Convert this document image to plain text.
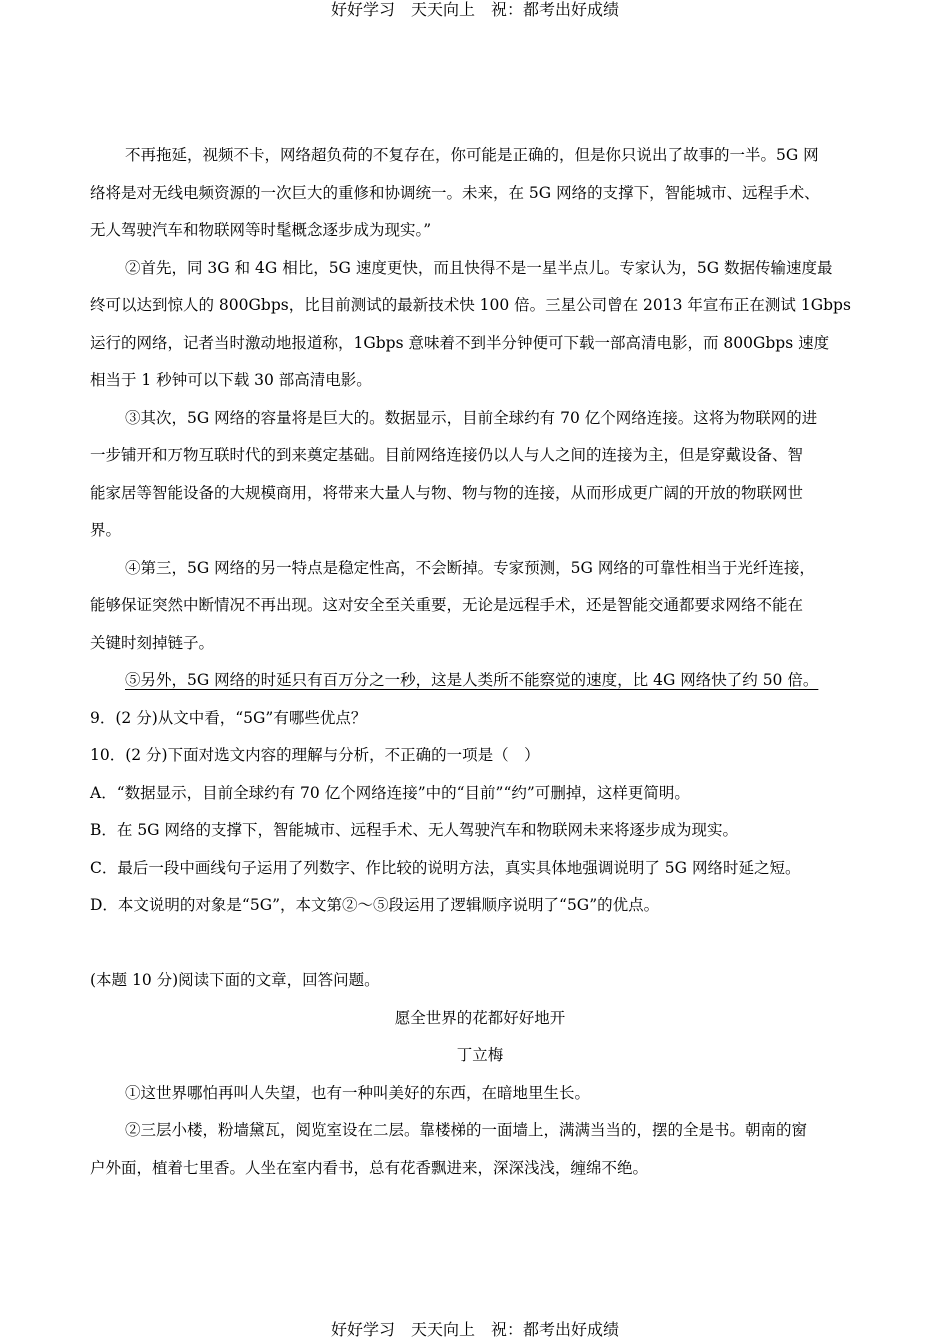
好好学习　天天向上　祝：都考出好成绩
不再拖延，视频不卡，网络超负荷的不复存在，你可能是正确的，但是你只说出了故事的一半。5G 网
络将是对无线电频资源的一次巨大的重修和协调统一。未来，在 5G 网络的支撑下，智能城市、远程手术、
无人驾驶汽车和物联网等时髦概念逐步成为现实。”
②首先，同 3G 和 4G 相比，5G 速度更快，而且快得不是一星半点儿。专家认为，5G 数据传输速度最
终可以达到惊人的 800Gbps，比目前测试的最新技术快 100 倍。三星公司曾在 2013 年宣布正在测试 1Gbps
运行的网络，记者当时激动地报道称，1Gbps 意味着不到半分钟便可下载一部高清电影，而 800Gbps 速度
相当于 1 秒钟可以下载 30 部高清电影。
③其次，5G 网络的容量将是巨大的。数据显示，目前全球约有 70 亿个网络连接。这将为物联网的进
一步铺开和万物互联时代的到来奠定基础。目前网络连接仍以人与人之间的连接为主，但是穿戴设备、智
能家居等智能设备的大规模商用，将带来大量人与物、物与物的连接，从而形成更广阔的开放的物联网世
界。
④第三，5G 网络的另一特点是稳定性高，不会断掉。专家预测，5G 网络的可靠性相当于光纤连接，
能够保证突然中断情况不再出现。这对安全至关重要，无论是远程手术，还是智能交通都要求网络不能在
关键时刻掉链子。
⑤另外，5G 网络的时延只有百万分之一秒，这是人类所不能察觉的速度，比 4G 网络快了约 50 倍。
9．(2 分)从文中看，“5G”有哪些优点？
10．(2 分)下面对选文内容的理解与分析，不正确的一项是（　）
A．“数据显示，目前全球约有 70 亿个网络连接”中的“目前”“约”可删掉，这样更简明。
B．在 5G 网络的支撑下，智能城市、远程手术、无人驾驶汽车和物联网未来将逐步成为现实。
C．最后一段中画线句子运用了列数字、作比较的说明方法，真实具体地强调说明了 5G 网络时延之短。
D．本文说明的对象是“5G”，本文第②～⑤段运用了逻辑顺序说明了“5G”的优点。
(本题 10 分)阅读下面的文章，回答问题。
愿全世界的花都好好地开
丁立梅
①这世界哪怕再叫人失望，也有一种叫美好的东西，在暗地里生长。
②三层小楼，粉墙黛瓦，阅览室设在二层。靠楼梯的一面墙上，满满当当的，摆的全是书。朝南的窗
户外面，植着七里香。人坐在室内看书，总有花香飘进来，深深浅浅，缠绵不绝。
好好学习　天天向上　祝：都考出好成绩
